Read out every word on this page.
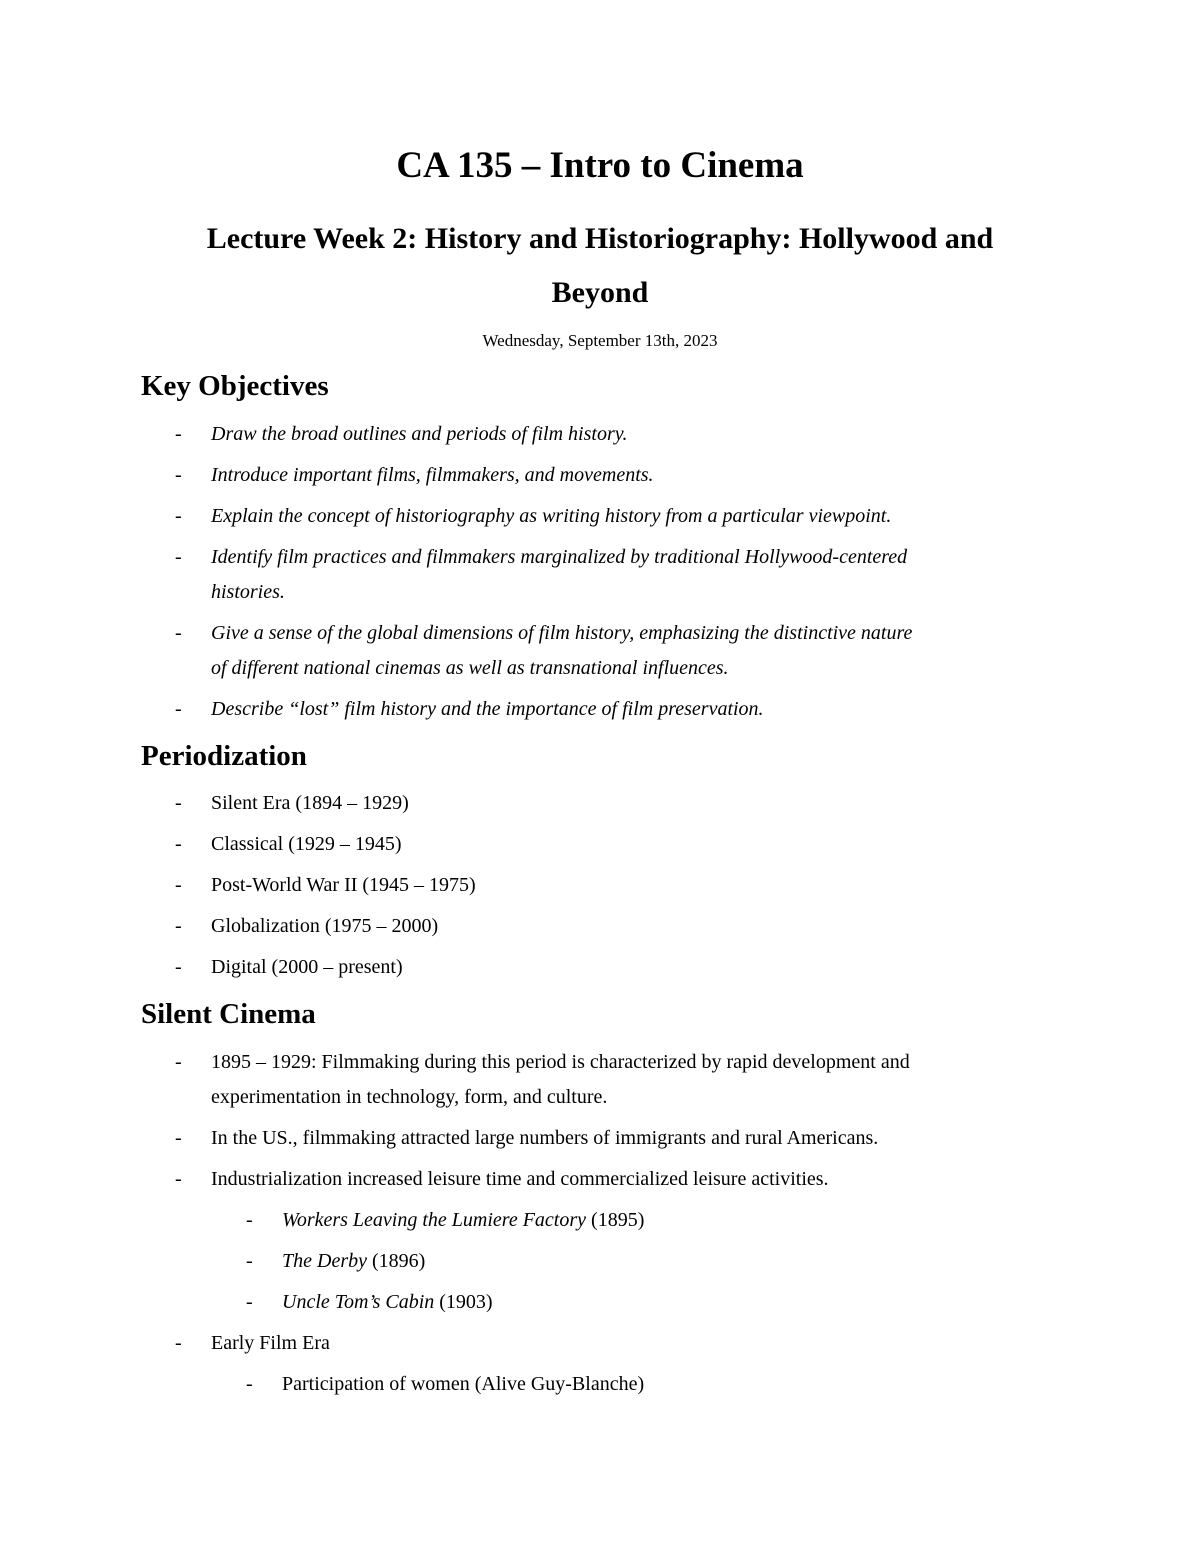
CA 135 – Intro to Cinema
Lecture Week 2: History and Historiography: Hollywood and
Beyond
Wednesday, September 13th, 2023
Key Objectives
- Draw the broad outlines and periods of film history.
- Introduce important films, filmmakers, and movements.
- Explain the concept of historiography as writing history from a particular viewpoint.
- Identify film practices and filmmakers marginalized by traditional Hollywood-centered
histories.
- Give a sense of the global dimensions of film history, emphasizing the distinctive nature
of different national cinemas as well as transnational influences.
- Describe “lost” film history and the importance of film preservation.
Periodization
- Silent Era (1894 – 1929)
- Classical (1929 – 1945)
- Post-World War II (1945 – 1975)
- Globalization (1975 – 2000)
- Digital (2000 – present)
Silent Cinema
- 1895 – 1929: Filmmaking during this period is characterized by rapid development and
experimentation in technology, form, and culture.
- In the US., filmmaking attracted large numbers of immigrants and rural Americans.
- Industrialization increased leisure time and commercialized leisure activities.
- Workers Leaving the Lumiere Factory (1895)
- The Derby (1896)
- Uncle Tom’s Cabin (1903)
- Early Film Era
- Participation of women (Alive Guy-Blanche)
